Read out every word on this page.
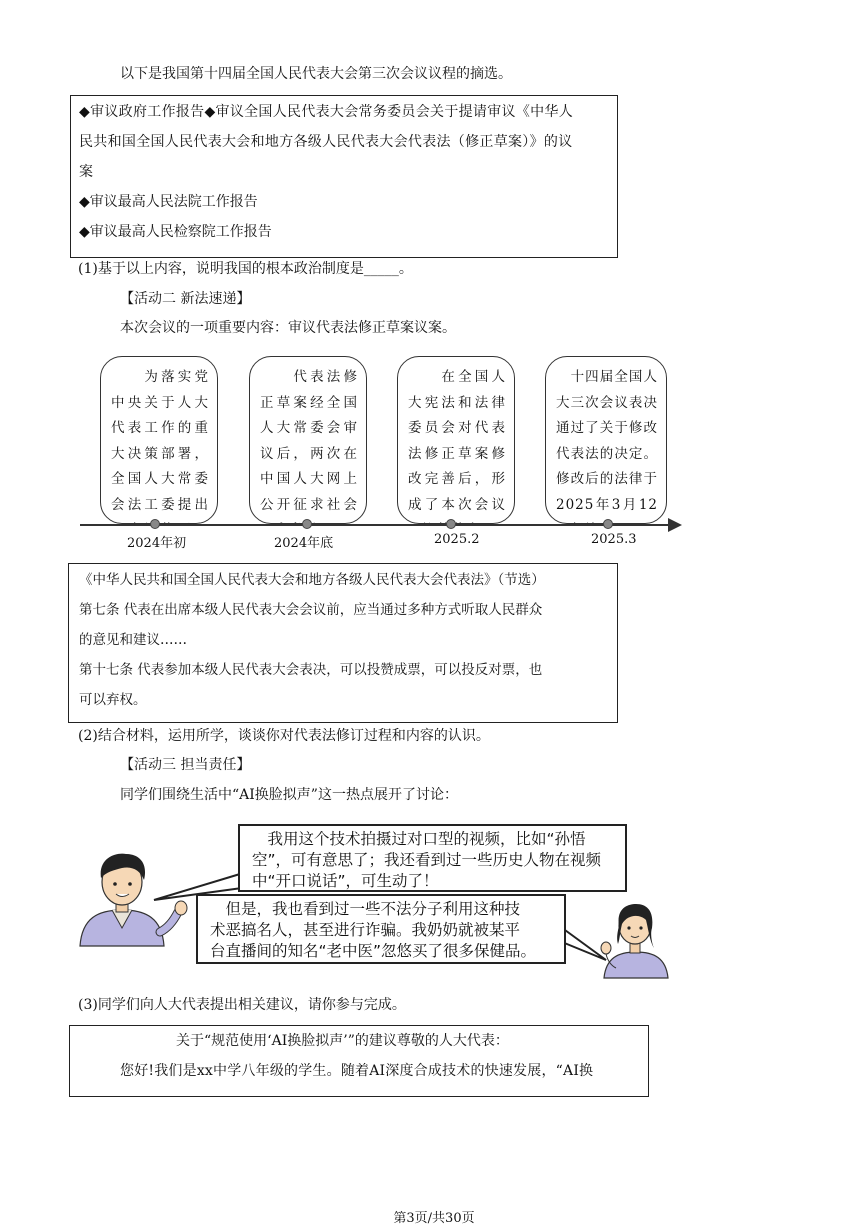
以下是我国第十四届全国人民代表大会第三次会议议程的摘选。
◆审议政府工作报告◆审议全国人民代表大会常务委员会关于提请审议《中华人
民共和国全国人民代表大会和地方各级人民代表大会代表法（修正草案）》的议
案
◆审议最高人民法院工作报告
◆审议最高人民检察院工作报告
(1)基于以上内容，说明我国的根本政治制度是_____。
【活动二 新法速递】
本次会议的一项重要内容：审议代表法修正草案议案。
　　为落实党中央关于人大代表工作的重大决策部署，全国人大常委会法工委提出
　　代表法修正草案经全国人大常委会审议后，两次在中国人大网上公开征求社会
　　在全国人大宪法和法律委员会对代表法修正草案修改完善后，形成了本次会议
　十四届全国人大三次会议表决通过了关于修改代表法的决定。修改后的法律于2025年3月12
2024年初	2024年底	2025.2	2025.3
《中华人民共和国全国人民代表大会和地方各级人民代表大会代表法》（节选）
第七条 代表在出席本级人民代表大会会议前，应当通过多种方式听取人民群众
的意见和建议……
第十七条 代表参加本级人民代表大会表决，可以投赞成票，可以投反对票，也
可以弃权。
(2)结合材料，运用所学，谈谈你对代表法修订过程和内容的认识。
【活动三 担当责任】
同学们围绕生活中“AI换脸拟声”这一热点展开了讨论：
　我用这个技术拍摄过对口型的视频，比如“孙悟
空”，可有意思了；我还看到过一些历史人物在视频
中“开口说话”，可生动了！
　但是，我也看到过一些不法分子利用这种技
术恶搞名人，甚至进行诈骗。我奶奶就被某平
台直播间的知名“老中医”忽悠买了很多保健品。
(3)同学们向人大代表提出相关建议，请你参与完成。
关于“规范使用‘AI换脸拟声’”的建议尊敬的人大代表：
您好!我们是xx中学八年级的学生。随着AI深度合成技术的快速发展，“AI换
第3页/共30页
